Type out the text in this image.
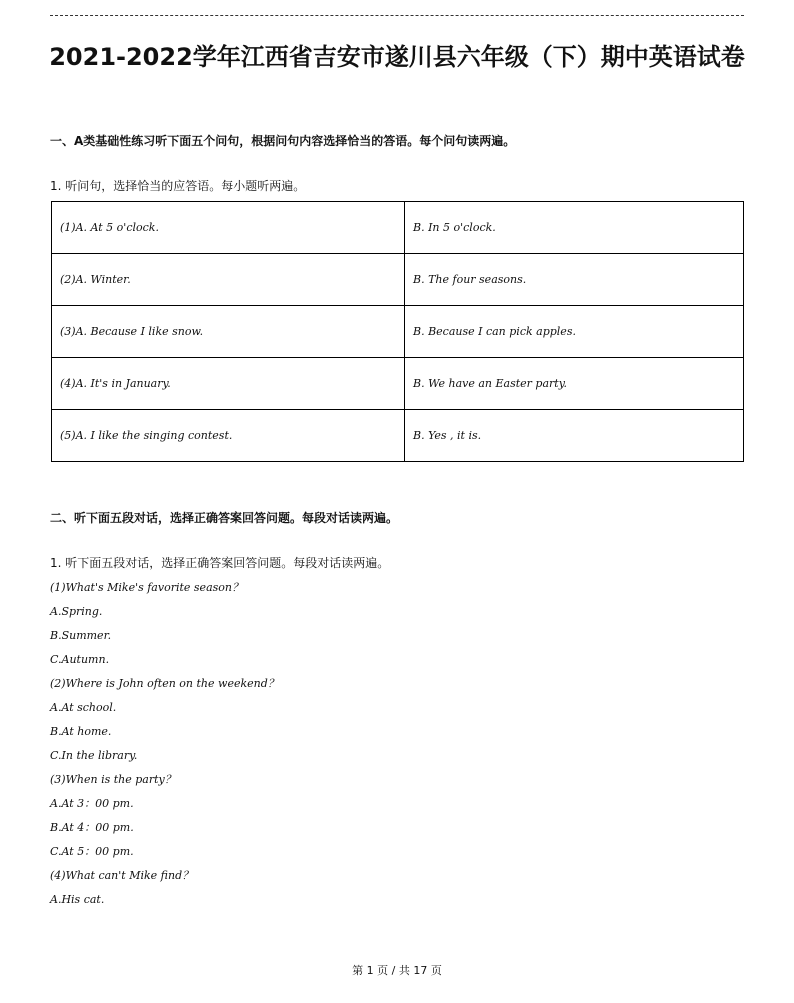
2021-2022学年江西省吉安市遂川县六年级（下）期中英语试卷
一、A类基础性练习听下面五个问句，根据问句内容选择恰当的答语。每个问句读两遍。
1. 听问句，选择恰当的应答语。每小题听两遍。
(1)A. At 5 o'clock.	B. In 5 o'clock.
(2)A. Winter.	B. The four seasons.
(3)A. Because I like snow.	B. Because I can pick apples.
(4)A. It's in January.	B. We have an Easter party.
(5)A. I like the singing contest.	B. Yes , it is.
二、听下面五段对话，选择正确答案回答问题。每段对话读两遍。
1. 听下面五段对话，选择正确答案回答问题。每段对话读两遍。
(1)What's Mike's favorite season？
A.Spring.
B.Summer.
C.Autumn.
(2)Where is John often on the weekend？
A.At school.
B.At home.
C.In the library.
(3)When is the party？
A.At 3：00 pm.
B.At 4：00 pm.
C.At 5：00 pm.
(4)What can't Mike find？
A.His cat.
第 1 页 / 共 17 页
